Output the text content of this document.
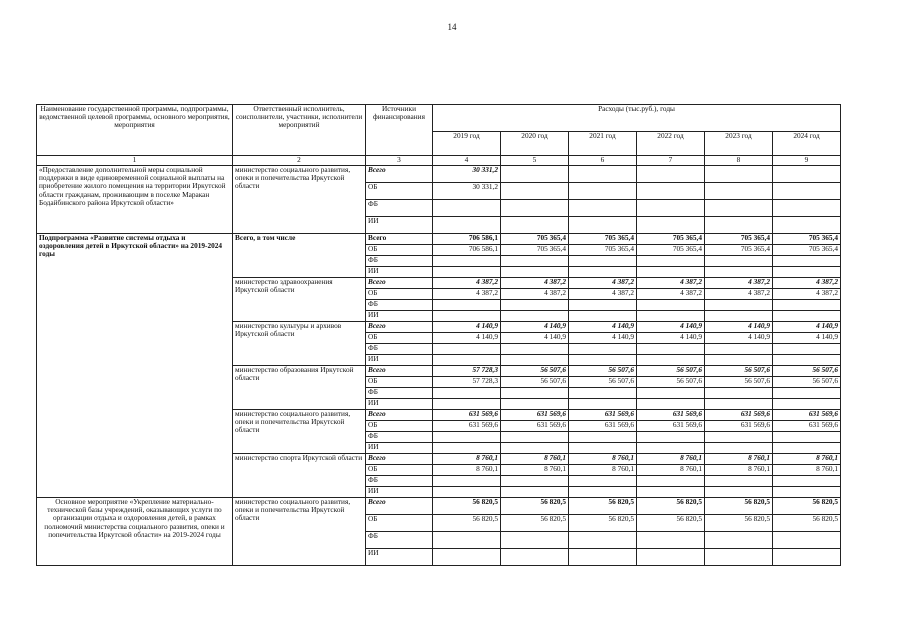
14
Наименование государственной программы, подпрограммы, ведомственной целевой программы, основного мероприятия, мероприятия	Ответственный исполнитель, соисполнители, участники, исполнители мероприятий	Источники финансирования	Расходы (тыс.руб.), годы					
			2019 год	2020 год	2021 год	2022 год	2023 год	2024 год
1	2	3	4	5	6	7	8	9
«Предоставление дополнительной меры социальной поддержки в виде единовременной социальной выплаты на приобретение жилого помещения на территории Иркутской области гражданам, проживающим в поселке Маракан Бодайбинского района Иркутской области»	министерство социального развития, опеки и попечительства Иркутской области	Всего	30 331,2					
		ОБ	30 331,2					
		ФБ						
		ИИ						
Подпрограмма «Развитие системы отдыха и оздоровления детей в Иркутской области» на 2019-2024 годы	Всего, в том числе	Всего	706 586,1	705 365,4	705 365,4	705 365,4	705 365,4	705 365,4
		ОБ	706 586,1	705 365,4	705 365,4	705 365,4	705 365,4	705 365,4
		ФБ						
		ИИ						
	министерство здравоохранения Иркутской области	Всего	4 387,2	4 387,2	4 387,2	4 387,2	4 387,2	4 387,2
		ОБ	4 387,2	4 387,2	4 387,2	4 387,2	4 387,2	4 387,2
		ФБ						
		ИИ						
	министерство культуры и архивов Иркутской области	Всего	4 140,9	4 140,9	4 140,9	4 140,9	4 140,9	4 140,9
		ОБ	4 140,9	4 140,9	4 140,9	4 140,9	4 140,9	4 140,9
		ФБ						
		ИИ						
	министерство образования Иркутской области	Всего	57 728,3	56 507,6	56 507,6	56 507,6	56 507,6	56 507,6
		ОБ	57 728,3	56 507,6	56 507,6	56 507,6	56 507,6	56 507,6
		ФБ						
		ИИ						
	министерство социального развития, опеки и попечительства Иркутской области	Всего	631 569,6	631 569,6	631 569,6	631 569,6	631 569,6	631 569,6
		ОБ	631 569,6	631 569,6	631 569,6	631 569,6	631 569,6	631 569,6
		ФБ						
		ИИ						
	министерство спорта Иркутской области	Всего	8 760,1	8 760,1	8 760,1	8 760,1	8 760,1	8 760,1
		ОБ	8 760,1	8 760,1	8 760,1	8 760,1	8 760,1	8 760,1
		ФБ						
		ИИ						
Основное мероприятие «Укрепление материально-технической базы учреждений, оказывающих услуги по организации отдыха и оздоровления детей, в рамках полномочий министерства социального развития, опеки и попечительства Иркутской области» на 2019-2024 годы	министерство социального развития, опеки и попечительства Иркутской области	Всего	56 820,5	56 820,5	56 820,5	56 820,5	56 820,5	56 820,5
		ОБ	56 820,5	56 820,5	56 820,5	56 820,5	56 820,5	56 820,5
		ФБ						
		ИИ						
